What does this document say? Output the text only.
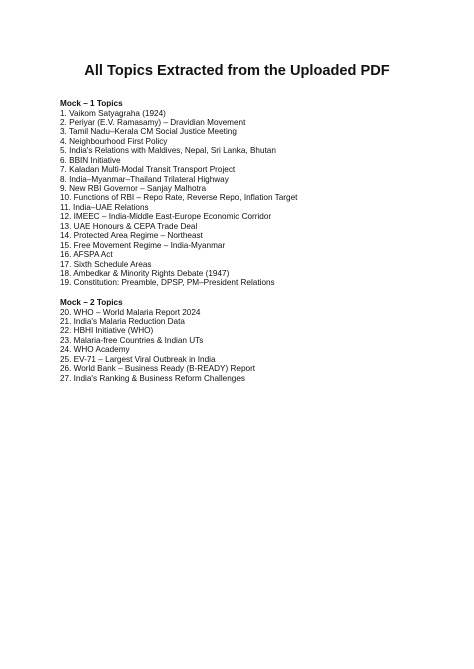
All Topics Extracted from the Uploaded PDF
Mock – 1 Topics
1. Vaikom Satyagraha (1924)
2. Periyar (E.V. Ramasamy) – Dravidian Movement
3. Tamil Nadu–Kerala CM Social Justice Meeting
4. Neighbourhood First Policy
5. India's Relations with Maldives, Nepal, Sri Lanka, Bhutan
6. BBIN Initiative
7. Kaladan Multi-Modal Transit Transport Project
8. India–Myanmar–Thailand Trilateral Highway
9. New RBI Governor – Sanjay Malhotra
10. Functions of RBI – Repo Rate, Reverse Repo, Inflation Target
11. India–UAE Relations
12. IMEEC – India-Middle East-Europe Economic Corridor
13. UAE Honours & CEPA Trade Deal
14. Protected Area Regime – Northeast
15. Free Movement Regime – India-Myanmar
16. AFSPA Act
17. Sixth Schedule Areas
18. Ambedkar & Minority Rights Debate (1947)
19. Constitution: Preamble, DPSP, PM–President Relations
Mock – 2 Topics
20. WHO – World Malaria Report 2024
21. India's Malaria Reduction Data
22. HBHI Initiative (WHO)
23. Malaria-free Countries & Indian UTs
24. WHO Academy
25. EV-71 – Largest Viral Outbreak in India
26. World Bank – Business Ready (B-READY) Report
27. India's Ranking & Business Reform Challenges
